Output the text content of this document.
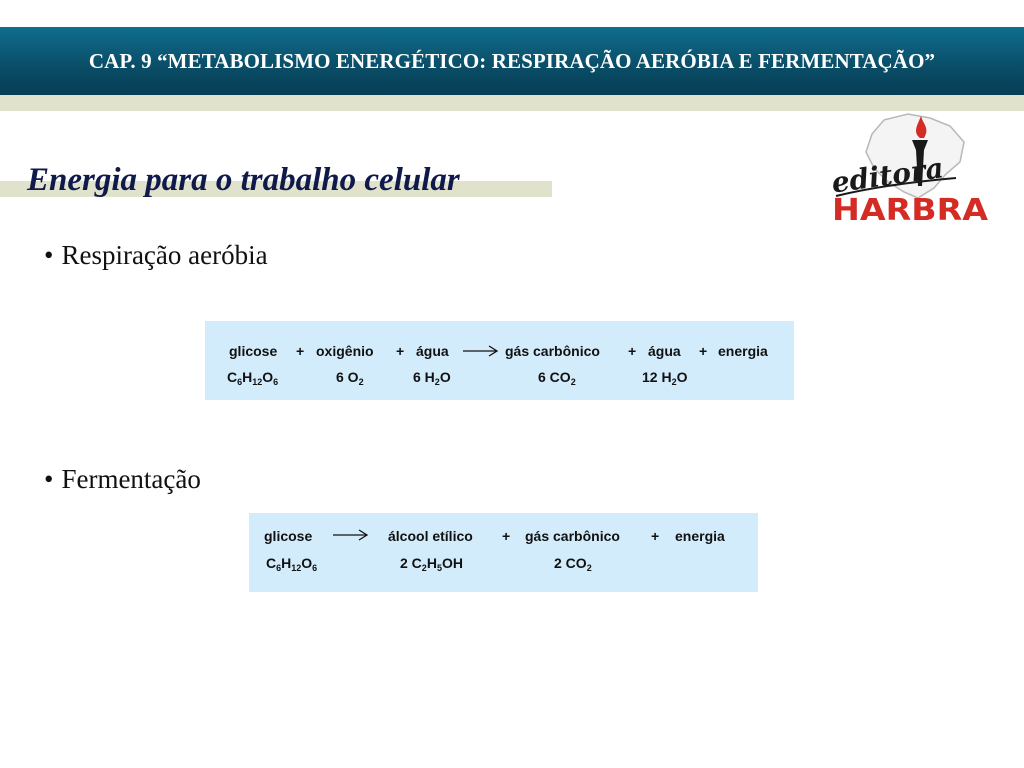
CAP. 9 “METABOLISMO ENERGÉTICO: RESPIRAÇÃO AERÓBIA E FERMENTAÇÃO”
Energia para o trabalho celular	editora
HARBRA
• Respiração aeróbia
glicose + oxigênio + água	gás carbônico + água + energia
$C_6H_{12}O_6$	6 $O_2$	6 $H_2O$	6 $CO_2$	12 $H_2O$
• Fermentação
glicose	álcool etílico + gás carbônico + energia
$C_6H_{12}O_6$	2 $C_2H_5OH$	2 $CO_2$
